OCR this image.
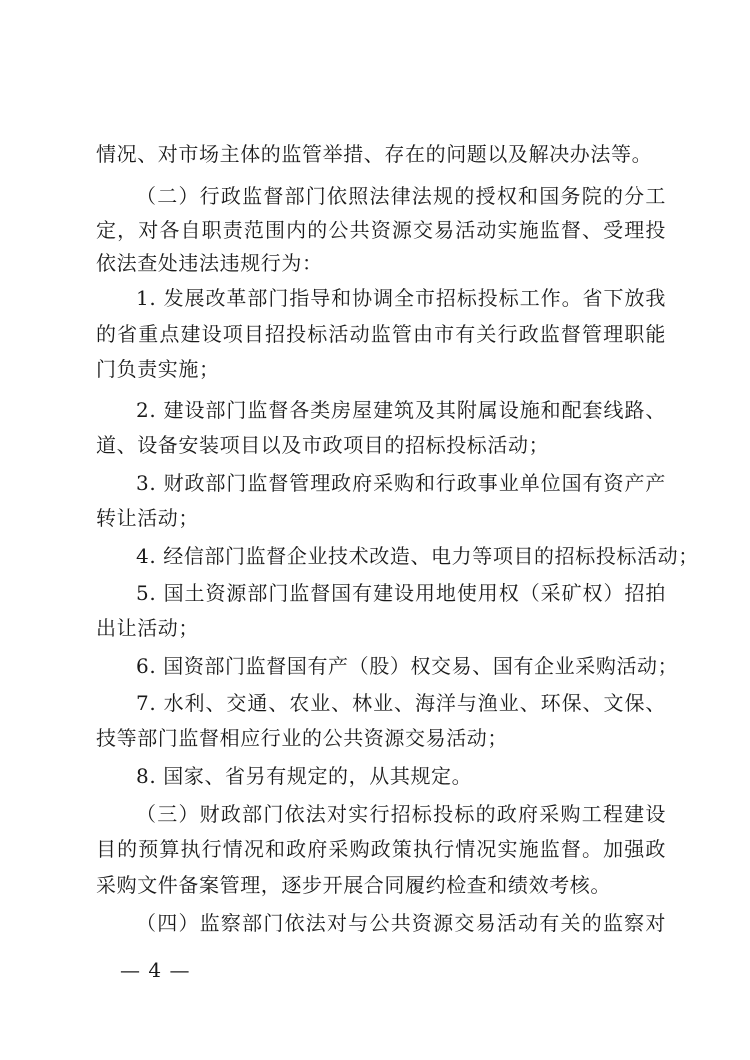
情况、对市场主体的监管举措、存在的问题以及解决办法等。
（二）行政监督部门依照法律法规的授权和国务院的分工
定，对各自职责范围内的公共资源交易活动实施监督、受理投
依法查处违法违规行为：
1. 发展改革部门指导和协调全市招标投标工作。省下放我
的省重点建设项目招投标活动监管由市有关行政监督管理职能
门负责实施；
2. 建设部门监督各类房屋建筑及其附属设施和配套线路、
道、设备安装项目以及市政项目的招标投标活动；
3. 财政部门监督管理政府采购和行政事业单位国有资产产
转让活动；
4. 经信部门监督企业技术改造、电力等项目的招标投标活动；
5. 国土资源部门监督国有建设用地使用权（采矿权）招拍
出让活动；
6. 国资部门监督国有产（股）权交易、国有企业采购活动；
7. 水利、交通、农业、林业、海洋与渔业、环保、文保、
技等部门监督相应行业的公共资源交易活动；
8. 国家、省另有规定的，从其规定。
（三）财政部门依法对实行招标投标的政府采购工程建设
目的预算执行情况和政府采购政策执行情况实施监督。加强政
采购文件备案管理，逐步开展合同履约检查和绩效考核。
（四）监察部门依法对与公共资源交易活动有关的监察对
— 4 —
